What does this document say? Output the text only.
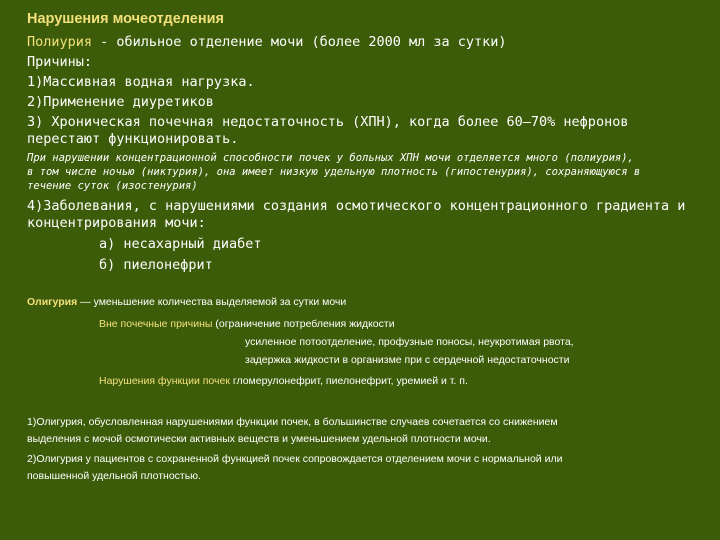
Нарушения мочеотделения
Полиурия - обильное отделение мочи (более 2000 мл за сутки)
Причины:
1)Массивная водная нагрузка.
2)Применение диуретиков
3) Хроническая почечная недостаточность (ХПН), когда более 60—70% нефронов
перестают функционировать.
При нарушении концентрационной способности почек у больных ХПН мочи отделяется много (полиурия),
в том числе ночью (никтурия), она имеет низкую удельную плотность (гипостенурия), сохраняющуюся в
течение суток (изостенурия)
4)Заболевания, с нарушениями создания осмотического концентрационного градиента и
концентрирования мочи:
а) несахарный диабет
б) пиелонефрит
Олигурия — уменьшение количества выделяемой за сутки мочи
Вне почечные причины (ограничение потребления жидкости
усиленное потоотделение, профузные поносы, неукротимая рвота,
задержка жидкости в организме при с сердечной недостаточности
Нарушения функции почек гломерулонефрит, пиелонефрит, уремией и т. п.
1)Олигурия, обусловленная нарушениями функции почек, в большинстве случаев сочетается со снижением
выделения с мочой осмотически активных веществ и уменьшением удельной плотности мочи.
2)Олигурия у пациентов с сохраненной функцией почек сопровождается отделением мочи с нормальной или
повышенной удельной плотностью.
